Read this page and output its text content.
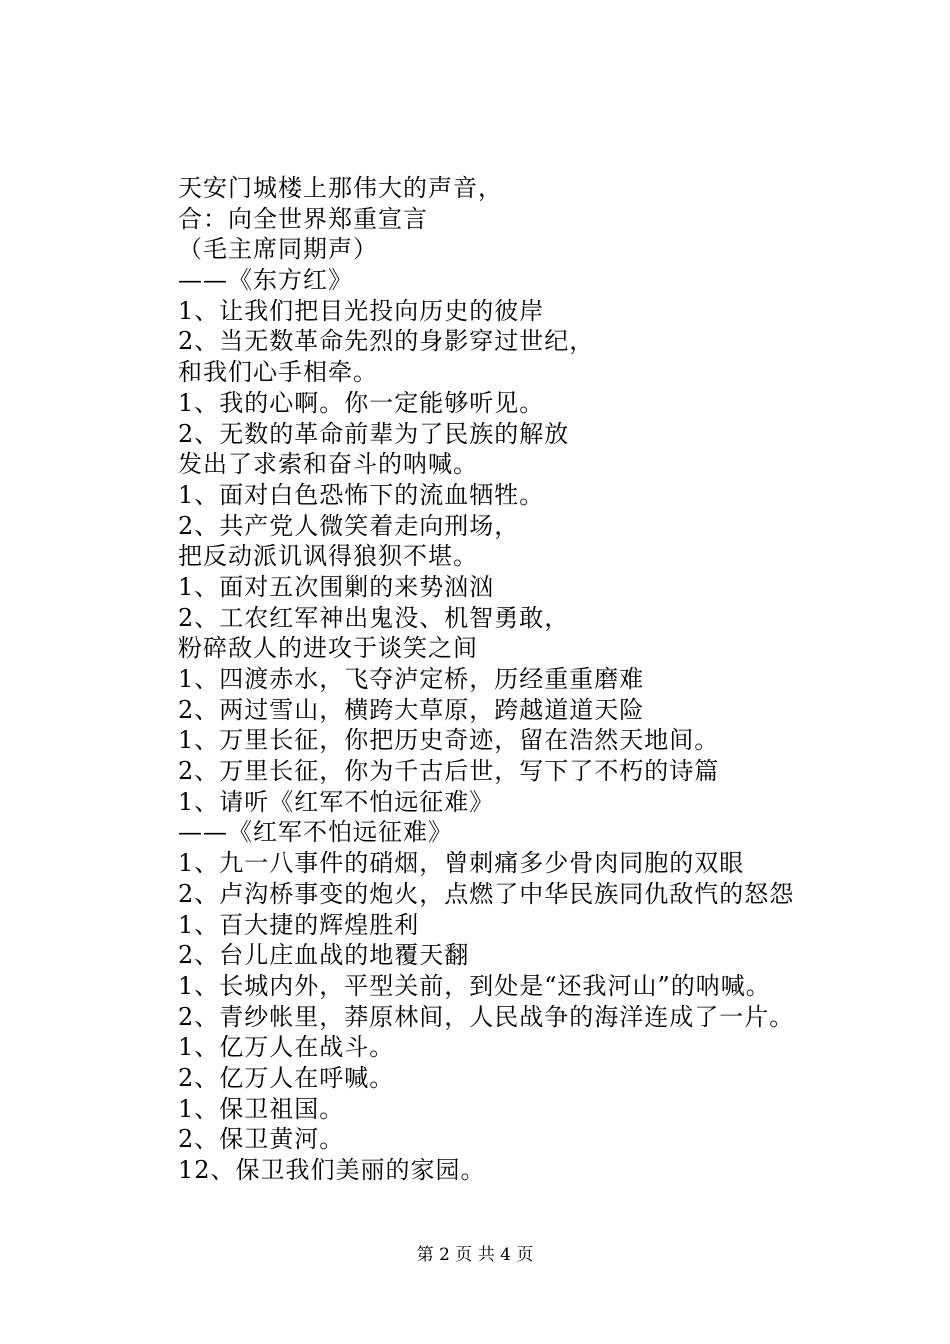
天安门城楼上那伟大的声音，
合：向全世界郑重宣言
（毛主席同期声）
——《东方红》
1、让我们把目光投向历史的彼岸
2、当无数革命先烈的身影穿过世纪，
和我们心手相牵。
1、我的心啊。你一定能够听见。
2、无数的革命前辈为了民族的解放
发出了求索和奋斗的呐喊。
1、面对白色恐怖下的流血牺牲。
2、共产党人微笑着走向刑场，
把反动派讥讽得狼狈不堪。
1、面对五次围剿的来势汹汹
2、工农红军神出鬼没、机智勇敢，
粉碎敌人的进攻于谈笑之间
1、四渡赤水，飞夺泸定桥，历经重重磨难
2、两过雪山，横跨大草原，跨越道道天险
1、万里长征，你把历史奇迹，留在浩然天地间。
2、万里长征，你为千古后世，写下了不朽的诗篇
1、请听《红军不怕远征难》
——《红军不怕远征难》
1、九一八事件的硝烟，曾刺痛多少骨肉同胞的双眼
2、卢沟桥事变的炮火，点燃了中华民族同仇敌忾的怒怨
1、百大捷的辉煌胜利
2、台儿庄血战的地覆天翻
1、长城内外，平型关前，到处是“还我河山”的呐喊。
2、青纱帐里，莽原林间，人民战争的海洋连成了一片。
1、亿万人在战斗。
2、亿万人在呼喊。
1、保卫祖国。
2、保卫黄河。
12、保卫我们美丽的家园。
第 2 页 共 4 页
